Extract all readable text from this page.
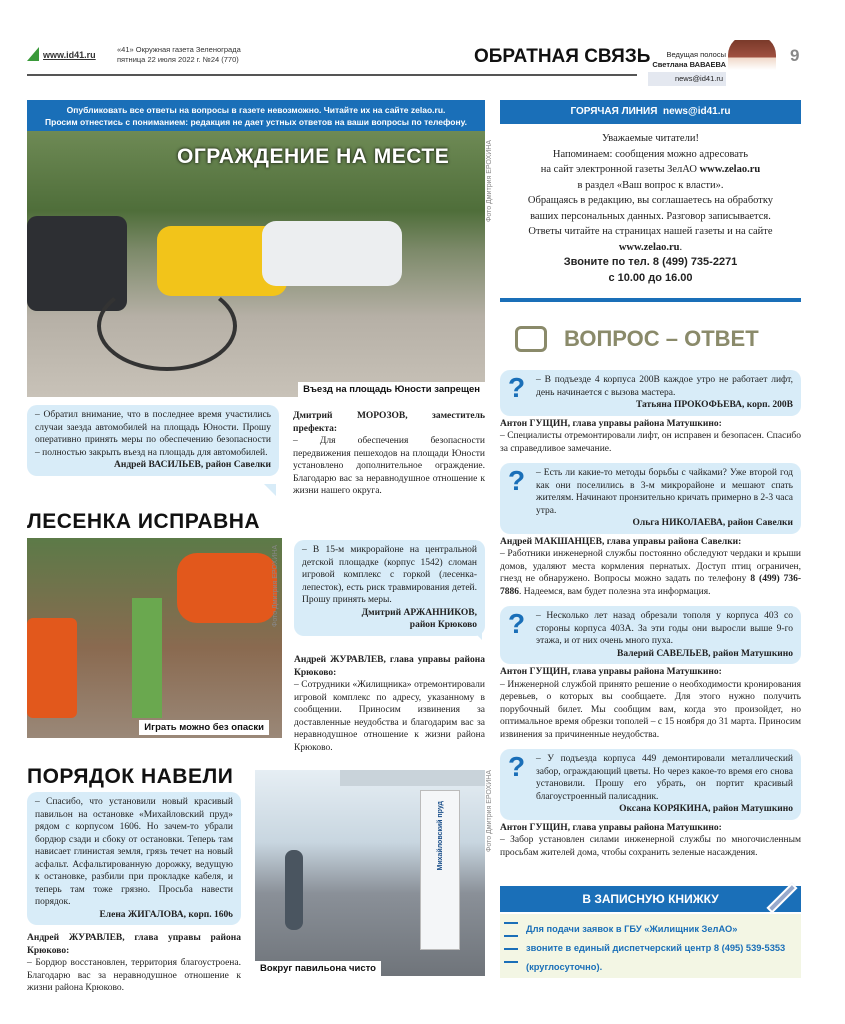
www.id41.ru
«41» Окружная газета Зеленограда
пятница 22 июля 2022 г. №24 (770)	ОБРАТНАЯ СВЯЗЬ	Ведущая полосы
Светлана ВАВАЕВА
news@id41.ru
9
Опубликовать все ответы на вопросы в газете невозможно. Читайте их на сайте zelao.ru.
Просим отнестись с пониманием: редакция не дает устных ответов на ваши вопросы по телефону.
ОГРАЖДЕНИЕ НА МЕСТЕ
Въезд на площадь Юности запрещен
Фото Дмитрия ЕРОХИНА
– Обратил внимание, что в последнее время участились случаи заезда автомобилей на площадь Юности. Прошу оперативно принять меры по обеспечению безопасности – полностью закрыть въезд на площадь для автомобилей.
Андрей ВАСИЛЬЕВ, район Савелки
Дмитрий МОРОЗОВ, заместитель префекта:
– Для обеспечения безопасности передвижения пешеходов на площади Юности установлено дополнительное ограждение. Благодарю вас за неравнодушное отношение к жизни нашего округа.
ЛЕСЕНКА ИСПРАВНА
Играть можно без опаски
Фото Дмитрия ЕРОХИНА – В 15-м микрорайоне на центральной детской площадке (корпус 1542) сломан игровой комплекс с горкой (лесенка-лепесток), есть риск травмирования детей. Прошу принять меры.
Дмитрий АРЖАННИКОВ,
район Крюково
Андрей ЖУРАВЛЕВ, глава управы района Крюково:
– Сотрудники «Жилищника» отремонтировали игровой комплекс по адресу, указанному в сообщении. Приносим извинения за доставленные неудобства и благодарим вас за неравнодушное отношение к жизни района Крюково.
ПОРЯДОК НАВЕЛИ
– Спасибо, что установили новый красивый павильон на остановке «Михайловский пруд» рядом с корпусом 1606. Но зачем-то убрали бордюр сзади и сбоку от остановки. Теперь там нависает глинистая земля, грязь течет на новый асфальт. Асфальтированную дорожку, ведущую к остановке, разбили при прокладке кабеля, и теперь там тоже грязно. Просьба навести порядок.
Елена ЖИГАЛОВА, корп. 1606
Андрей ЖУРАВЛЕВ, глава управы района Крюково:
– Бордюр восстановлен, территория благоустроена. Благодарю вас за неравнодушное отношение к жизни района Крюково.
Михайловский пруд
Вокруг павильона чисто
Фото Дмитрия ЕРОХИНА
ГОРЯЧАЯ ЛИНИЯ news@id41.ru
Уважаемые читатели!
Напоминаем: сообщения можно адресовать
на сайт электронной газеты ЗелАО www.zelao.ru
в раздел «Ваш вопрос к власти».
Обращаясь в редакцию, вы соглашаетесь на обработку
ваших персональных данных. Разговор записывается.
Ответы читайте на страницах нашей газеты и на сайте
www.zelao.ru.
Звоните по тел. 8 (499) 735-2271
с 10.00 до 16.00
ВОПРОС – ОТВЕТ
? – В подъезде 4 корпуса 200В каждое утро не работает лифт, день начинается с вызова мастера.
Татьяна ПРОКОФЬЕВА, корп. 200В
Антон ГУЩИН, глава управы района Матушкино:
– Специалисты отремонтировали лифт, он исправен и безопасен. Спасибо за справедливое замечание.
? – Есть ли какие-то методы борьбы с чайками? Уже второй год как они поселились в 3-м микрорайоне и мешают спать жителям. Начинают пронзительно кричать примерно в 2-3 часа утра.
Ольга НИКОЛАЕВА, район Савелки
Андрей МАКШАНЦЕВ, глава управы района Савелки:
– Работники инженерной службы постоянно обследуют чердаки и крыши домов, удаляют места кормления пернатых. Доступ птиц ограничен, гнезд не обнаружено. Вопросы можно задать по телефону 8 (499) 736-7886. Надеемся, вам будет полезна эта информация.
? – Несколько лет назад обрезали тополя у корпуса 403 со стороны корпуса 403А. За эти годы они выросли выше 9-го этажа, и от них очень много пуха.
Валерий САВЕЛЬЕВ, район Матушкино
Антон ГУЩИН, глава управы района Матушкино:
– Инженерной службой принято решение о необходимости кронирования деревьев, о которых вы сообщаете. Для этого нужно получить порубочный билет. Мы сообщим вам, когда это произойдет, но оптимальное время обрезки тополей – с 15 ноября до 31 марта. Приносим извинения за причиненные неудобства.
? – У подъезда корпуса 449 демонтировали металлический забор, ограждающий цветы. Но через какое-то время его снова установили. Прошу его убрать, он портит красивый благоустроенный палисадник.
Оксана КОРЯКИНА, район Матушкино
Антон ГУЩИН, глава управы района Матушкино:
– Забор установлен силами инженерной службы по многочисленным просьбам жителей дома, чтобы сохранить зеленые насаждения.
В ЗАПИСНУЮ КНИЖКУ
Для подачи заявок в ГБУ «Жилищник ЗелАО»
звоните в единый диспетчерский центр 8 (495) 539-5353
(круглосуточно).
